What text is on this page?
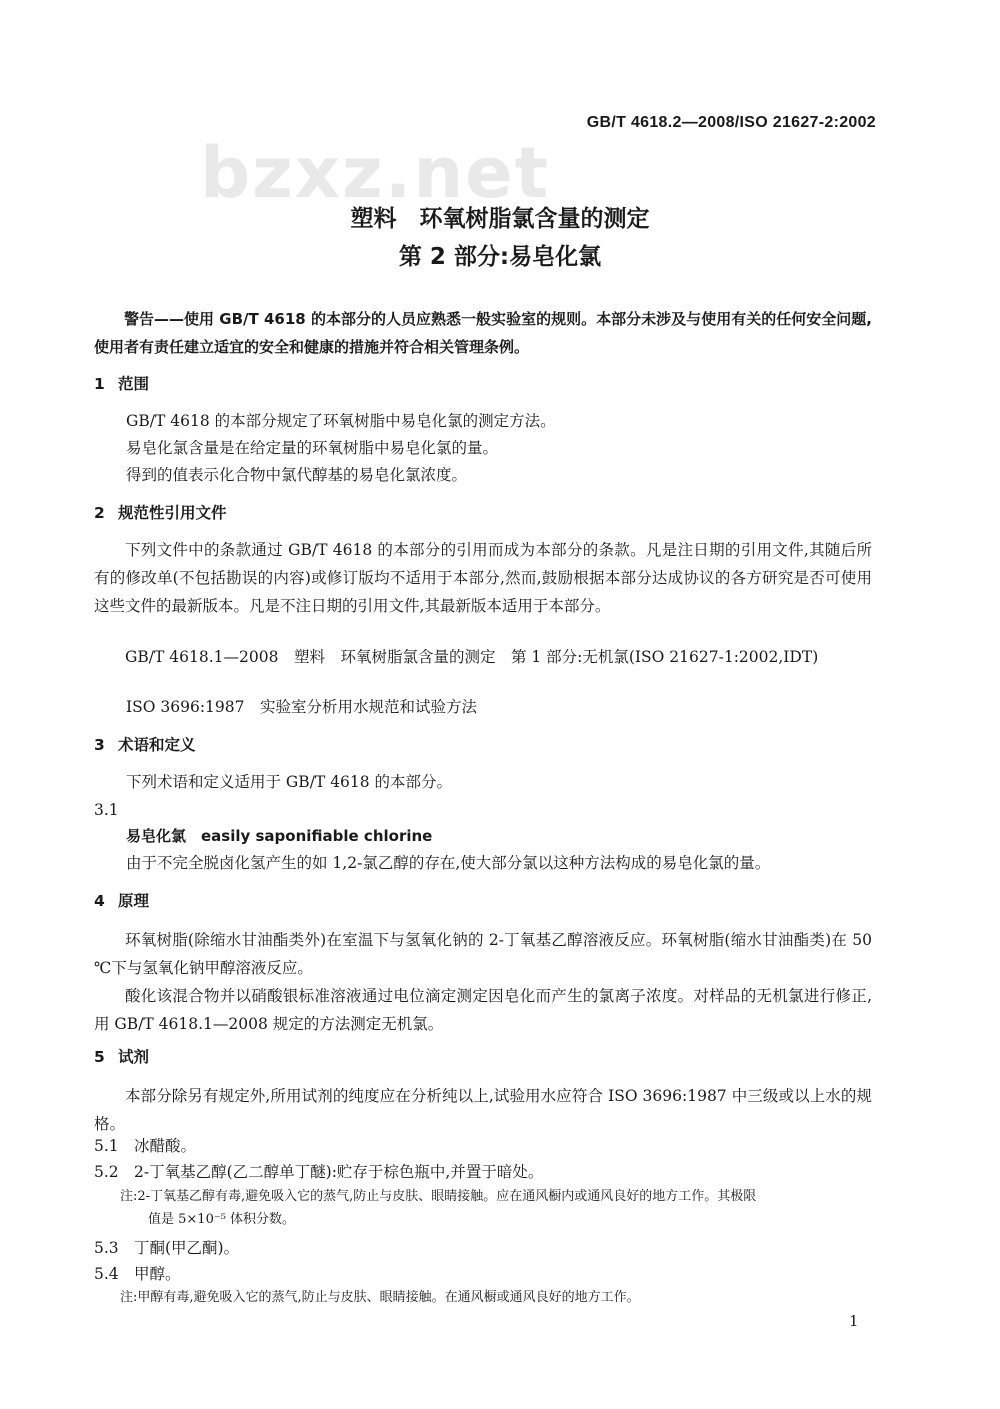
bzxz.net
GB/T 4618.2—2008/ISO 21627-2:2002
塑料　环氧树脂氯含量的测定
第 2 部分:易皂化氯
警告——使用 GB/T 4618 的本部分的人员应熟悉一般实验室的规则。本部分未涉及与使用有关的任何安全问题,使用者有责任建立适宜的安全和健康的措施并符合相关管理条例。
1 范围
GB/T 4618 的本部分规定了环氧树脂中易皂化氯的测定方法。
易皂化氯含量是在给定量的环氧树脂中易皂化氯的量。
得到的值表示化合物中氯代醇基的易皂化氯浓度。
2 规范性引用文件
下列文件中的条款通过 GB/T 4618 的本部分的引用而成为本部分的条款。凡是注日期的引用文件,其随后所有的修改单(不包括勘误的内容)或修订版均不适用于本部分,然而,鼓励根据本部分达成协议的各方研究是否可使用这些文件的最新版本。凡是不注日期的引用文件,其最新版本适用于本部分。
GB/T 4618.1—2008　塑料　环氧树脂氯含量的测定　第 1 部分:无机氯(ISO 21627-1:2002,IDT)
ISO 3696:1987　实验室分析用水规范和试验方法
3 术语和定义
下列术语和定义适用于 GB/T 4618 的本部分。
3.1
易皂化氯　easily saponifiable chlorine
由于不完全脱卤化氢产生的如 1,2-氯乙醇的存在,使大部分氯以这种方法构成的易皂化氯的量。
4 原理
环氧树脂(除缩水甘油酯类外)在室温下与氢氧化钠的 2-丁氧基乙醇溶液反应。环氧树脂(缩水甘油酯类)在 50 ℃下与氢氧化钠甲醇溶液反应。
酸化该混合物并以硝酸银标准溶液通过电位滴定测定因皂化而产生的氯离子浓度。对样品的无机氯进行修正,用 GB/T 4618.1—2008 规定的方法测定无机氯。
5 试剂
本部分除另有规定外,所用试剂的纯度应在分析纯以上,试验用水应符合 ISO 3696:1987 中三级或以上水的规格。
5.1 冰醋酸。
5.2 2-丁氧基乙醇(乙二醇单丁醚):贮存于棕色瓶中,并置于暗处。
注:2-丁氧基乙醇有毒,避免吸入它的蒸气,防止与皮肤、眼睛接触。应在通风橱内或通风良好的地方工作。其极限
值是 5×10⁻⁵ 体积分数。
5.3 丁酮(甲乙酮)。
5.4 甲醇。
注:甲醇有毒,避免吸入它的蒸气,防止与皮肤、眼睛接触。在通风橱或通风良好的地方工作。
1
